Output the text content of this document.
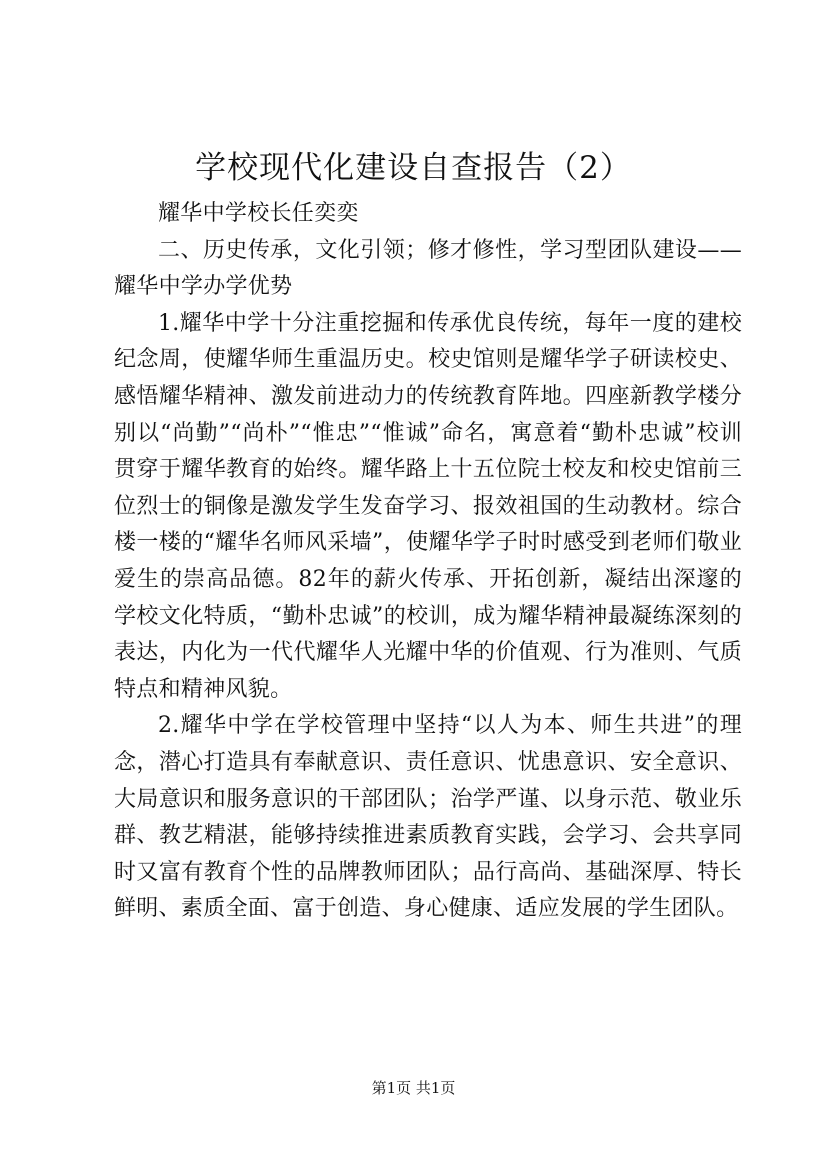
学校现代化建设自查报告（2）

耀华中学校长任奕奕

二、历史传承，文化引领；修才修性，学习型团队建设——耀华中学办学优势

1.耀华中学十分注重挖掘和传承优良传统，每年一度的建校纪念周，使耀华师生重温历史。校史馆则是耀华学子研读校史、感悟耀华精神、激发前进动力的传统教育阵地。四座新教学楼分别以“尚勤”“尚朴”“惟忠”“惟诚”命名，寓意着“勤朴忠诚”校训贯穿于耀华教育的始终。耀华路上十五位院士校友和校史馆前三位烈士的铜像是激发学生发奋学习、报效祖国的生动教材。综合楼一楼的“耀华名师风采墙”，使耀华学子时时感受到老师们敬业爱生的崇高品德。82年的薪火传承、开拓创新，凝结出深邃的学校文化特质，“勤朴忠诚”的校训，成为耀华精神最凝练深刻的表达，内化为一代代耀华人光耀中华的价值观、行为准则、气质特点和精神风貌。

2.耀华中学在学校管理中坚持“以人为本、师生共进”的理念，潜心打造具有奉献意识、责任意识、忧患意识、安全意识、大局意识和服务意识的干部团队；治学严谨、以身示范、敬业乐群、教艺精湛，能够持续推进素质教育实践，会学习、会共享同时又富有教育个性的品牌教师团队；品行高尚、基础深厚、特长鲜明、素质全面、富于创造、身心健康、适应发展的学生团队。

第1页 共1页
